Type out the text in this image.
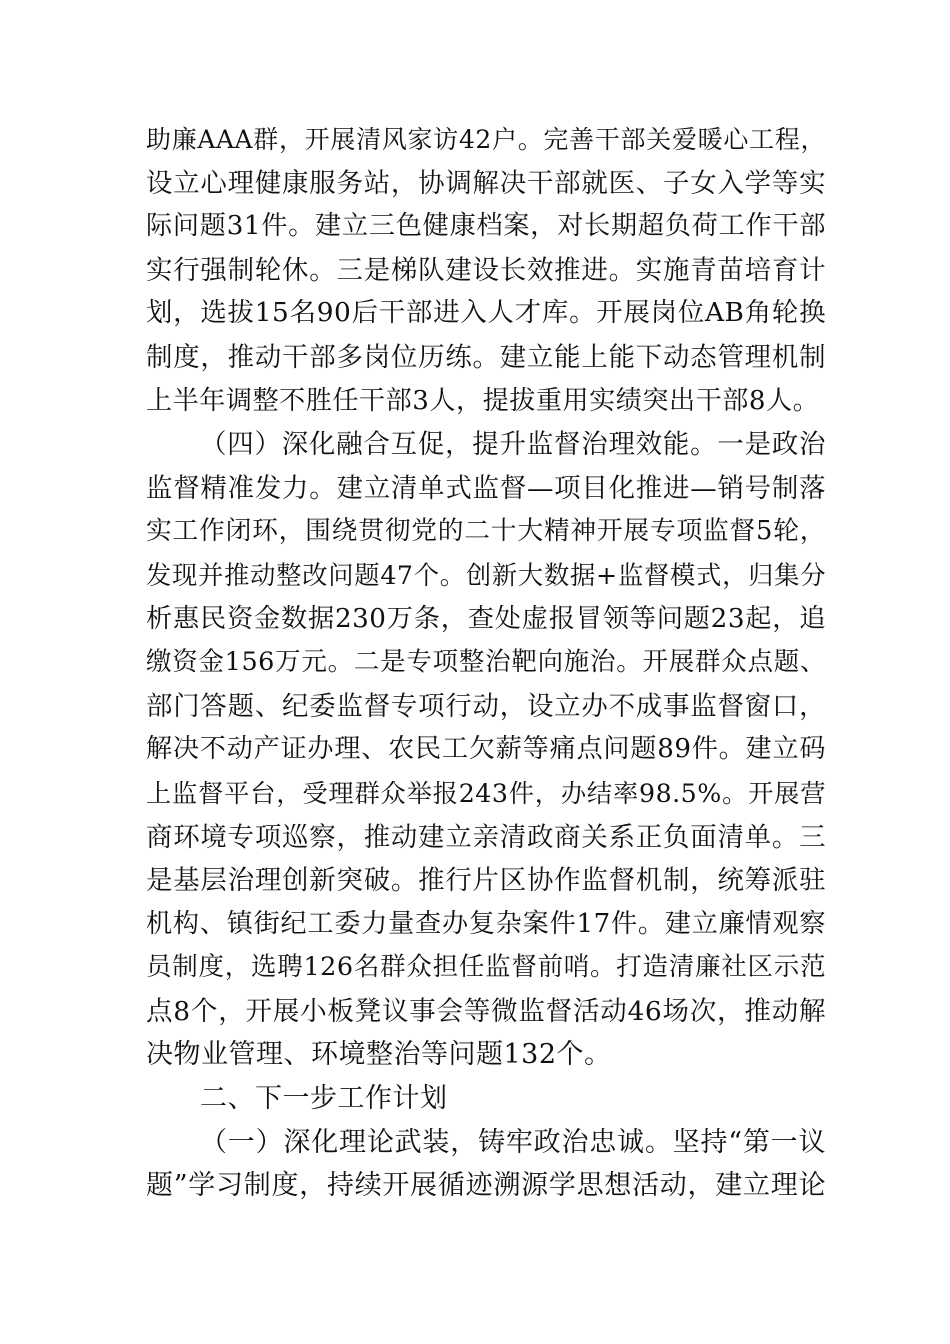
助廉AAA群，开展清风家访42户。完善干部关爱暖心工程，
设立心理健康服务站，协调解决干部就医、子女入学等实
际问题31件。建立三色健康档案，对长期超负荷工作干部
实行强制轮休。三是梯队建设长效推进。实施青苗培育计
划，选拔15名90后干部进入人才库。开展岗位AB角轮换
制度，推动干部多岗位历练。建立能上能下动态管理机制
上半年调整不胜任干部3人，提拔重用实绩突出干部8人。
（四）深化融合互促，提升监督治理效能。一是政治
监督精准发力。建立清单式监督—项目化推进—销号制落
实工作闭环，围绕贯彻党的二十大精神开展专项监督5轮，
发现并推动整改问题47个。创新大数据+监督模式，归集分
析惠民资金数据230万条，查处虚报冒领等问题23起，追
缴资金156万元。二是专项整治靶向施治。开展群众点题、
部门答题、纪委监督专项行动，设立办不成事监督窗口，
解决不动产证办理、农民工欠薪等痛点问题89件。建立码
上监督平台，受理群众举报243件，办结率98.5%。开展营
商环境专项巡察，推动建立亲清政商关系正负面清单。三
是基层治理创新突破。推行片区协作监督机制，统筹派驻
机构、镇街纪工委力量查办复杂案件17件。建立廉情观察
员制度，选聘126名群众担任监督前哨。打造清廉社区示范
点8个，开展小板凳议事会等微监督活动46场次，推动解
决物业管理、环境整治等问题132个。
二、下一步工作计划
（一）深化理论武装，铸牢政治忠诚。坚持“第一议
题”学习制度，持续开展循迹溯源学思想活动，建立理论
